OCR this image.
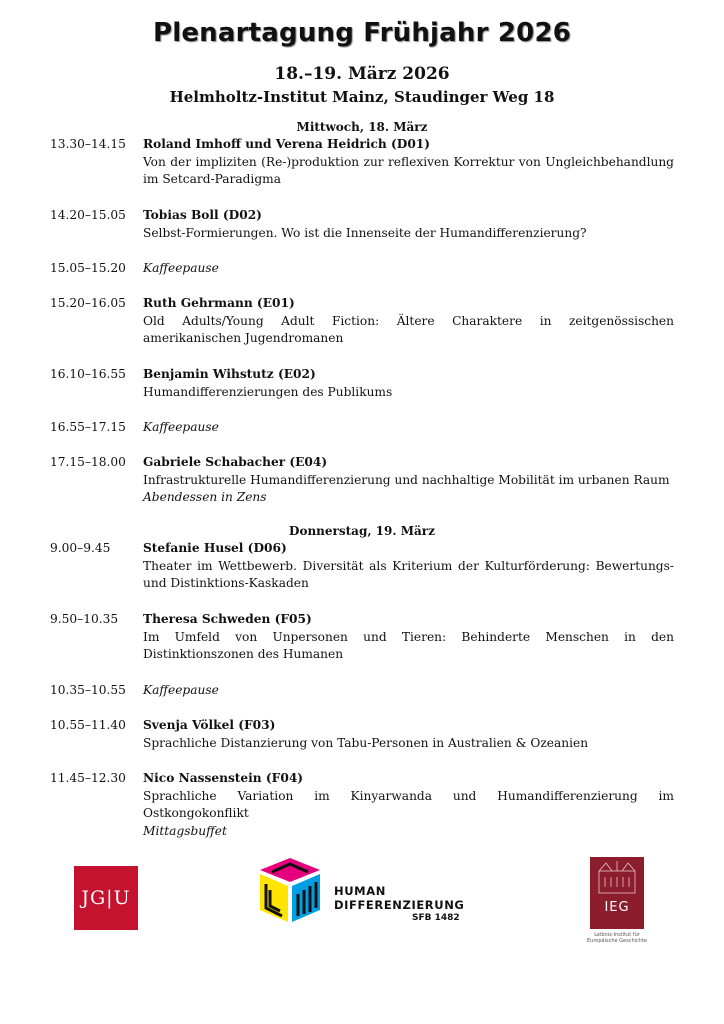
Plenartagung Frühjahr 2026
18.–19. März 2026
Helmholtz-Institut Mainz, Staudinger Weg 18
Mittwoch, 18. März
13.30–14.15	Roland Imhoff und Verena Heidrich (D01)
Von der impliziten (Re-)produktion zur reflexiven Korrektur von Ungleichbehandlung im Setcard-Paradigma
14.20–15.05	Tobias Boll (D02)
Selbst-Formierungen. Wo ist die Innenseite der Humandifferenzierung?
15.05–15.20	Kaffeepause
15.20–16.05	Ruth Gehrmann (E01)
Old Adults/Young Adult Fiction: Ältere Charaktere in zeitgenössischen amerikanischen Jugendromanen
16.10–16.55	Benjamin Wihstutz (E02)
Humandifferenzierungen des Publikums
16.55–17.15	Kaffeepause
17.15–18.00	Gabriele Schabacher (E04)
Infrastrukturelle Humandifferenzierung und nachhaltige Mobilität im urbanen Raum
Abendessen in Zens
Donnerstag, 19. März
9.00–9.45	Stefanie Husel (D06)
Theater im Wettbewerb. Diversität als Kriterium der Kulturförderung: Bewertungs- und Distinktions-Kaskaden
9.50–10.35	Theresa Schweden (F05)
Im Umfeld von Unpersonen und Tieren: Behinderte Menschen in den Distinktionszonen des Humanen
10.35–10.55	Kaffeepause
10.55–11.40	Svenja Völkel (F03)
Sprachliche Distanzierung von Tabu-Personen in Australien & Ozeanien
11.45–12.30	Nico Nassenstein (F04)
Sprachliche Variation im Kinyarwanda und Humandifferenzierung im Ostkongokonflikt
Mittagsbuffet
JG|U	HUMAN
DIFFERENZIERUNG
SFB 1482
IEG
Leibniz-Institut für Europäische Geschichte
